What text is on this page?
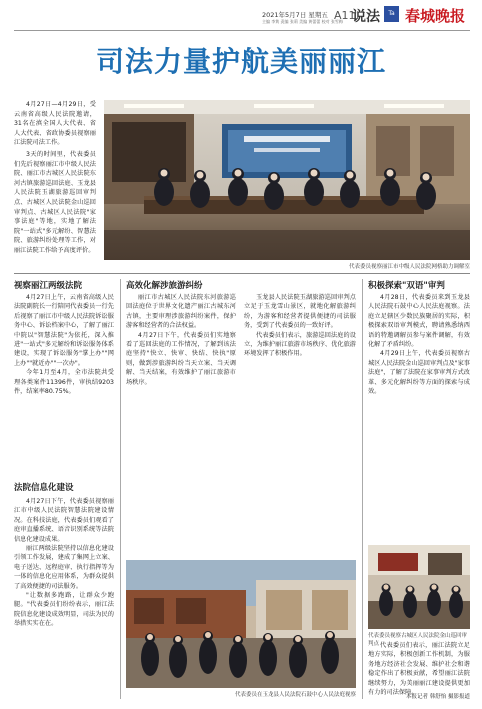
2021年5月7日 星期五
主编 李隽 责编 张莉 美编 黄蕾蕾 校对 张雪梅
A11
说法	Ta 春城晚报
司法力量护航美丽丽江

4月27日—4月29日，受云南省高级人民法院邀请，31名在滇全国人大代表、省人大代表、省政协委员视察丽江法院司法工作。

3天的时间里，代表委员们先后视察丽江市中级人民法院、丽江市古城区人民法院东河古镇旅游巡回法庭、玉龙县人民法院玉湖旅游巡回审判点、古城区人民法院金山巡回审判点、古城区人民法院"家事法庭"等地，实地了解法院"一站式"多元解纷、智慧法院、旅游纠纷处理等工作，对丽江法院工作给予高度评价。

代表委员视察丽江市中级人民法院网格助力调解室
视察丽江两级法院

4月27日上午，云南省高级人民法院副院长一行陪同代表委员一行先后视察了丽江市中级人民法院诉讼服务中心、诉讼档案中心，了解了丽江中院以"智慧法院"为依托，深入推进"一站式"多元解纷和诉讼服务体系建设，实现了诉讼服务"掌上办""网上办""就近办""一次办"。

今年1月至4月，全市法院共受理各类案件11396件，审执结9203件，结案率80.75%。

法院信息化建设

4月27日下午，代表委员视察丽江市中级人民法院智慧法院建设情况。在科技法庭，代表委员们观看了庭审直播系统、语音识别系统等法院信息化建设成果。

丽江两级法院坚持以信息化建设引领工作发展，建成了集网上立案、电子送达、远程庭审、执行指挥等为一体的信息化应用体系，为群众提供了高效便捷的司法服务。

"让数据多跑路，让群众少跑腿。"代表委员们纷纷表示，丽江法院信息化建设成效明显，司法为民的举措实实在在。

高效化解涉旅游纠纷

丽江市古城区人民法院东河旅游巡回法庭位于世界文化遗产丽江古城东河古镇，主要审理涉旅游纠纷案件，保护游客和经营者的合法权益。

4月27日下午，代表委员们实地察看了巡回法庭的工作情况，了解到该法庭坚持"快立、快审、快结、快执"原则，做到涉旅游纠纷当天立案、当天调解、当天结案，有效维护了丽江旅游市场秩序。

玉龙县人民法院玉湖旅游巡回审判点立足于玉龙雪山景区，就地化解旅游纠纷，为游客和经营者提供便捷的司法服务，受到了代表委员的一致好评。

代表委员们表示，旅游巡回法庭的设立，为维护丽江旅游市场秩序、优化旅游环境发挥了积极作用。

代表委员在玉龙县人民法院石鼓中心人民法庭视察
积极探索"双语"审判

4月28日，代表委员来到玉龙县人民法院石鼓中心人民法庭视察。法庭立足辖区少数民族聚居的实际，积极探索双语审判模式，聘请熟悉纳西语的特邀调解员参与案件调解，有效化解了矛盾纠纷。

4月29日上午，代表委员视察古城区人民法院金山巡回审判点及"家事法庭"，了解了法院在家事审判方式改革、多元化解纠纷等方面的探索与成效。

代表委员视察古城区人民法院金山巡回审判点 代表委员们表示，丽江法院立足地方实际，积极创新工作机制，为服务地方经济社会发展、维护社会和谐稳定作出了积极贡献，希望丽江法院继续努力，为美丽丽江建设提供更加有力的司法保障。

本报记者 韩舒怡 摄影报道
